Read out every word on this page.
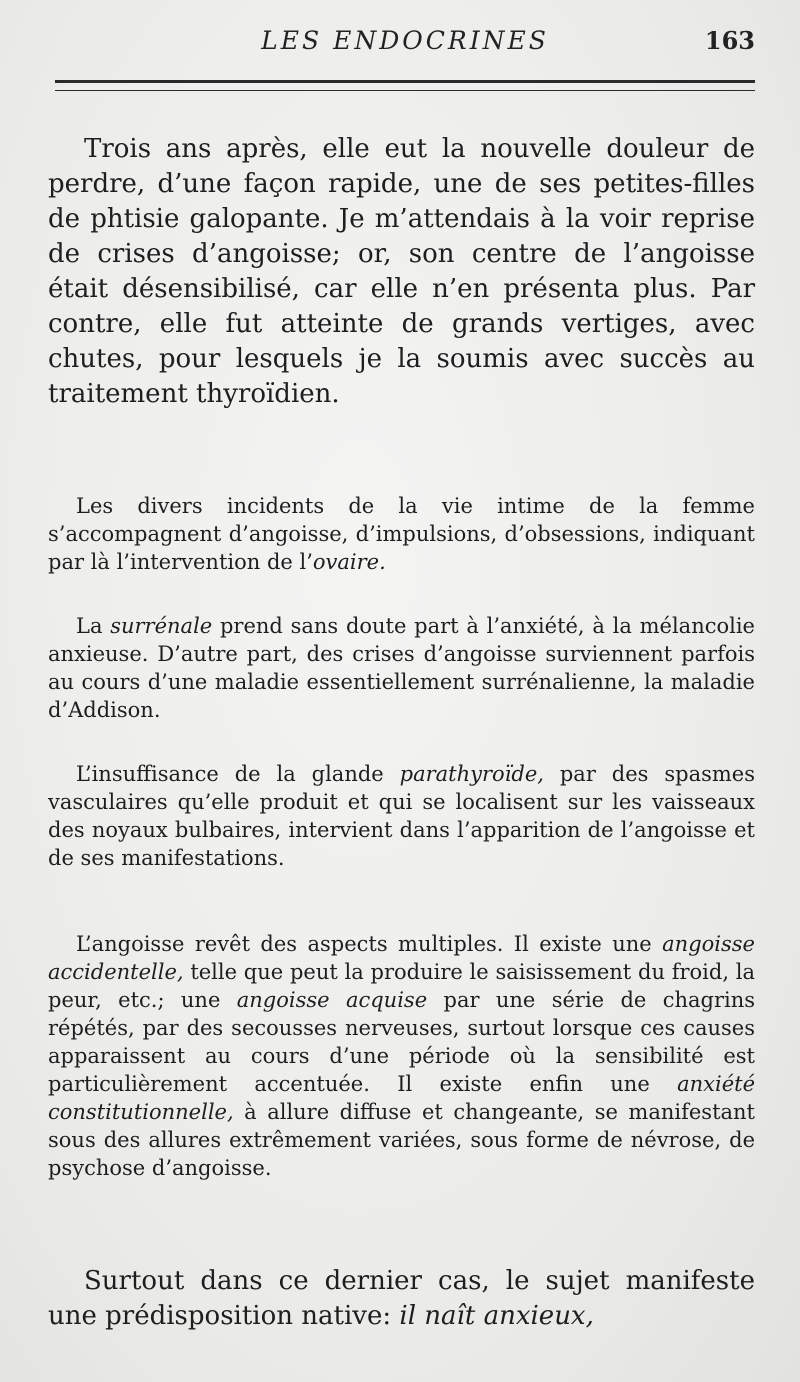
LES ENDOCRINES	163

Trois ans après, elle eut la nouvelle douleur de perdre, d’une façon rapide, une de ses petites-filles de phtisie galopante. Je m’attendais à la voir reprise de crises d’angoisse; or, son centre de l’angoisse était désensibilisé, car elle n’en présenta plus. Par contre, elle fut atteinte de grands vertiges, avec chutes, pour lesquels je la soumis avec succès au traitement thyroïdien.

Les divers incidents de la vie intime de la femme s’accompagnent d’angoisse, d’impulsions, d’obsessions, indiquant par là l’intervention de l’ovaire.

La surrénale prend sans doute part à l’anxiété, à la mélancolie anxieuse. D’autre part, des crises d’angoisse surviennent parfois au cours d’une maladie essentiellement surrénalienne, la maladie d’Addison.

L’insuffisance de la glande parathyroïde, par des spasmes vasculaires qu’elle produit et qui se localisent sur les vaisseaux des noyaux bulbaires, intervient dans l’apparition de l’angoisse et de ses manifestations.

L’angoisse revêt des aspects multiples. Il existe une angoisse accidentelle, telle que peut la produire le saisissement du froid, la peur, etc.; une angoisse acquise par une série de chagrins répétés, par des secousses nerveuses, surtout lorsque ces causes apparaissent au cours d’une période où la sensibilité est particulièrement accentuée. Il existe enfin une anxiété constitutionnelle, à allure diffuse et changeante, se manifestant sous des allures extrêmement variées, sous forme de névrose, de psychose d’angoisse.

Surtout dans ce dernier cas, le sujet manifeste une prédisposition native: il naît anxieux,
